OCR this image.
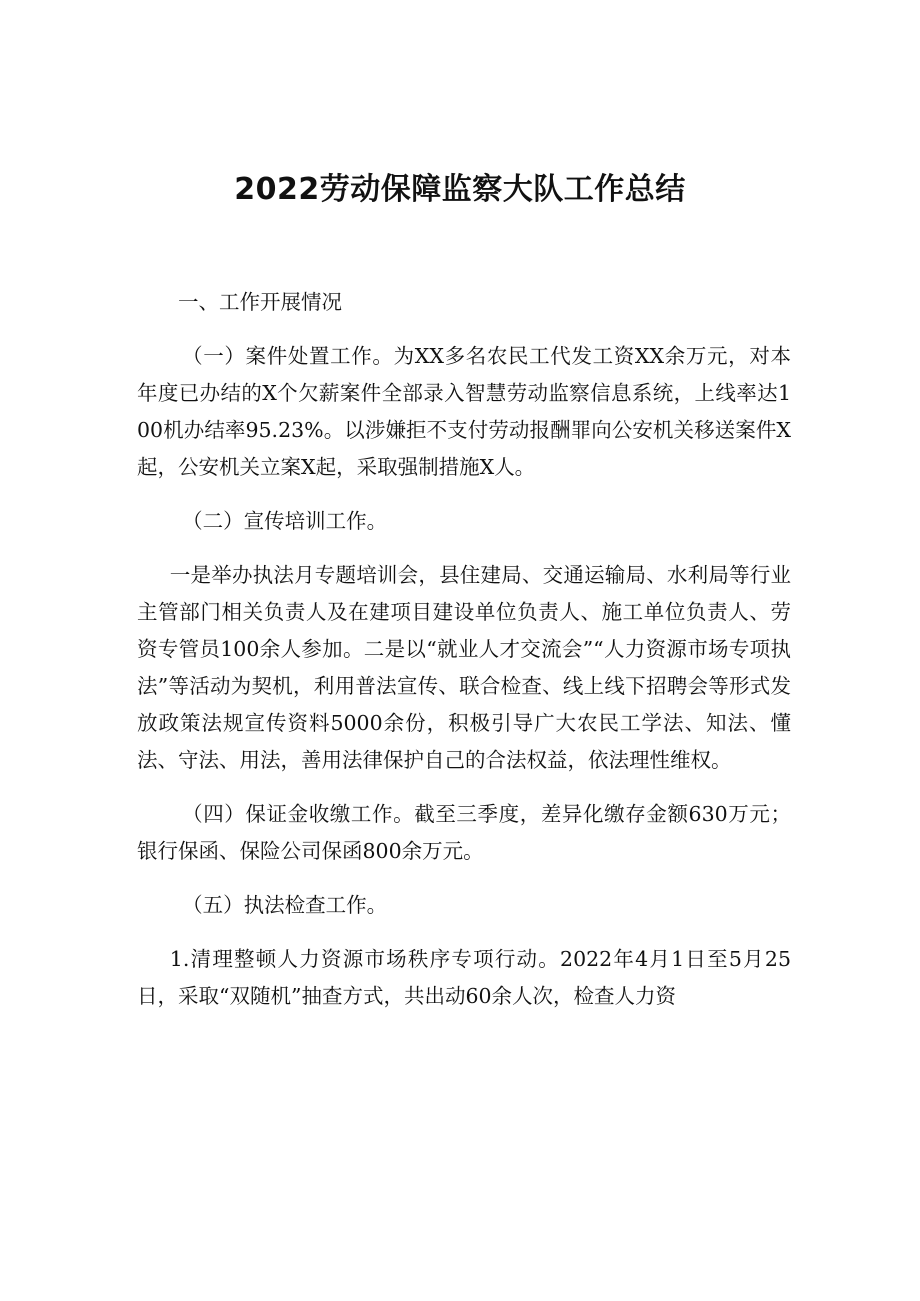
2022劳动保障监察大队工作总结

一、工作开展情况

（一）案件处置工作。为XX多名农民工代发工资XX余万元，对本年度已办结的X个欠薪案件全部录入智慧劳动监察信息系统，上线率达100机办结率95.23%。以涉嫌拒不支付劳动报酬罪向公安机关移送案件X起，公安机关立案X起，采取强制措施X人。

（二）宣传培训工作。

一是举办执法月专题培训会，县住建局、交通运输局、水利局等行业主管部门相关负责人及在建项目建设单位负责人、施工单位负责人、劳资专管员100余人参加。二是以“就业人才交流会”“人力资源市场专项执法”等活动为契机，利用普法宣传、联合检查、线上线下招聘会等形式发放政策法规宣传资料5000余份，积极引导广大农民工学法、知法、懂法、守法、用法，善用法律保护自己的合法权益，依法理性维权。

（四）保证金收缴工作。截至三季度，差异化缴存金额630万元；银行保函、保险公司保函800余万元。

（五）执法检查工作。

1.清理整顿人力资源市场秩序专项行动。2022年4月1日至5月25日，采取“双随机”抽查方式，共出动60余人次，检查人力资
